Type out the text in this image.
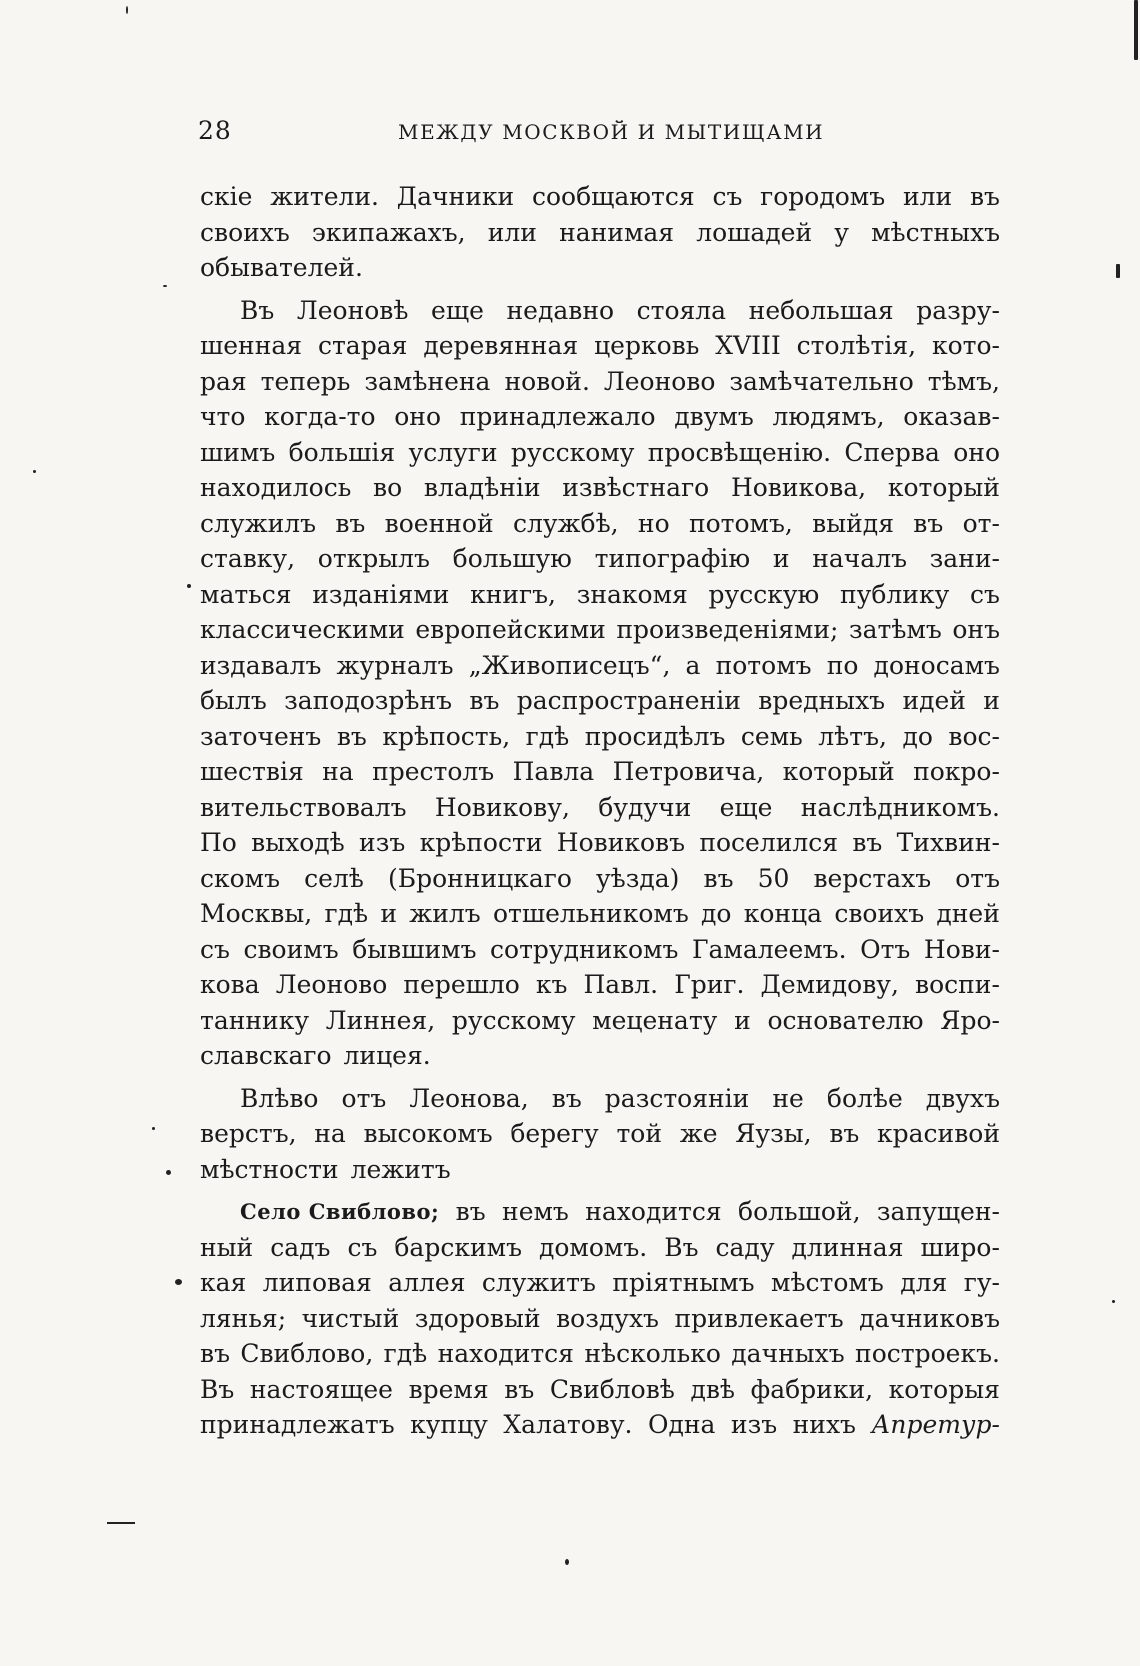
28	МЕЖДУ МОСКВОЙ И МЫТИЩАМИ
скіе жители. Дачники сообщаются съ городомъ или въ
своихъ экипажахъ, или нанимая лошадей у мѣстныхъ
обывателей.
Въ Леоновѣ еще недавно стояла небольшая разру-
шенная старая деревянная церковь XVIII столѣтія, кото-
рая теперь замѣнена новой. Леоново замѣчательно тѣмъ,
что когда-то оно принадлежало двумъ людямъ, оказав-
шимъ большія услуги русскому просвѣщенію. Сперва оно
находилось во владѣніи извѣстнаго Новикова, который
служилъ въ военной службѣ, но потомъ, выйдя въ от-
ставку, открылъ большую типографію и началъ зани-
маться изданіями книгъ, знакомя русскую публику съ
классическими европейскими произведеніями; затѣмъ онъ
издавалъ журналъ „Живописецъ“, а потомъ по доносамъ
былъ заподозрѣнъ въ распространеніи вредныхъ идей и
заточенъ въ крѣпость, гдѣ просидѣлъ семь лѣтъ, до вос-
шествія на престолъ Павла Петровича, который покро-
вительствовалъ Новикову, будучи еще наслѣдникомъ.
По выходѣ изъ крѣпости Новиковъ поселился въ Тихвин-
скомъ селѣ (Бронницкаго уѣзда) въ 50 верстахъ отъ
Москвы, гдѣ и жилъ отшельникомъ до конца своихъ дней
съ своимъ бывшимъ сотрудникомъ Гамалеемъ. Отъ Нови-
кова Леоново перешло къ Павл. Григ. Демидову, воспи-
таннику Линнея, русскому меценату и основателю Яро-
славскаго лицея.
Влѣво отъ Леонова, въ разстояніи не болѣе двухъ
верстъ, на высокомъ берегу той же Яузы, въ красивой
мѣстности лежитъ
Село Свиблово; въ немъ находится большой, запущен-
ный садъ съ барскимъ домомъ. Въ саду длинная широ-
кая липовая аллея служитъ пріятнымъ мѣстомъ для гу-
лянья; чистый здоровый воздухъ привлекаетъ дачниковъ
въ Свиблово, гдѣ находится нѣсколько дачныхъ построекъ.
Въ настоящее время въ Свибловѣ двѣ фабрики, которыя
принадлежатъ купцу Халатову. Одна изъ нихъ Апретур-
